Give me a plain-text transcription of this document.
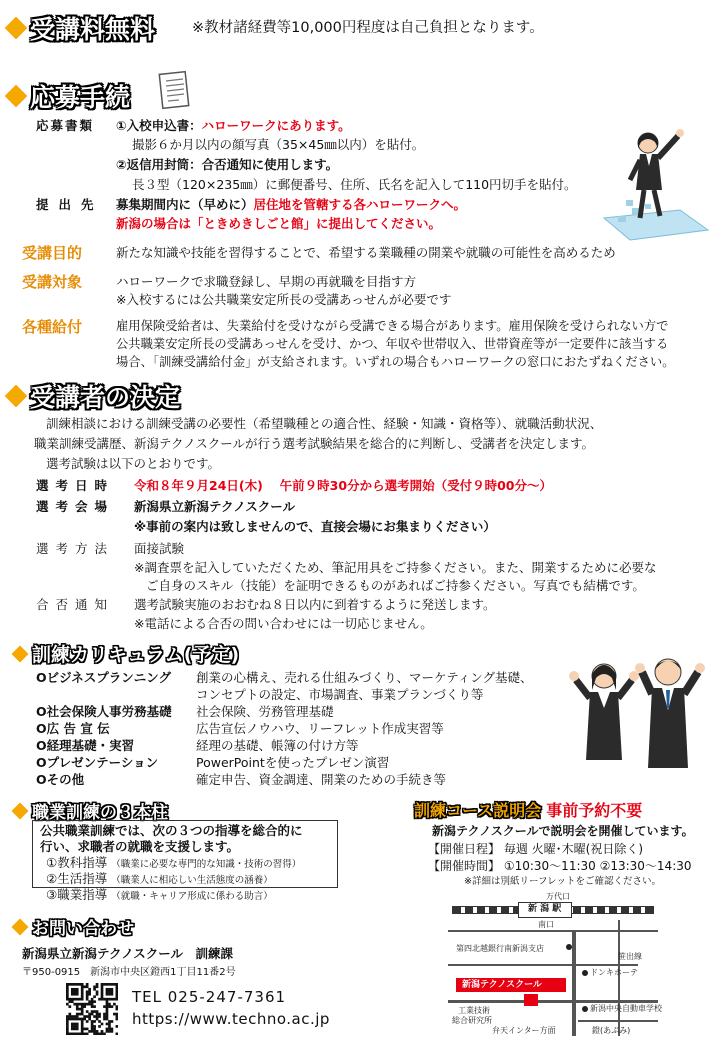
受講料無料	※教材諸経費等10,000円程度は自己負担となります。
応募手続
応募書類 ①入校申込書：ハローワークにあります。
撮影６か月以内の顔写真（35×45㎜以内）を貼付。
②返信用封筒：合否通知に使用します。
長３型（120×235㎜）に郵便番号、住所、氏名を記入して110円切手を貼付。
提出先 募集期間内に（早めに）居住地を管轄する各ハローワークへ。
新潟の場合は「ときめきしごと館」に提出してください。
受講目的	新たな知識や技能を習得することで、希望する業職種の開業や就職の可能性を高めるため
受講対象	ハローワークで求職登録し、早期の再就職を目指す方
※入校するには公共職業安定所長の受講あっせんが必要です
各種給付	雇用保険受給者は、失業給付を受けながら受講できる場合があります。雇用保険を受けられない方で
公共職業安定所長の受講あっせんを受け、かつ、年収や世帯収入、世帯資産等が一定要件に該当する
場合、「訓練受講給付金」が支給されます。いずれの場合もハローワークの窓口におたずねください。
受講者の決定
訓練相談における訓練受講の必要性（希望職種との適合性、経験・知識・資格等）、就職活動状況、
職業訓練受講歴、新潟テクノスクールが行う選考試験結果を総合的に判断し、受講者を決定します。
選考試験は以下のとおりです。
選考日時 令和８年９月24日(木)　 午前９時30分から選考開始（受付９時00分～）
選考会場 新潟県立新潟テクノスクール
※事前の案内は致しませんので、直接会場にお集まりください）
選考方法 面接試験
※調査票を記入していただくため、筆記用具をご持参ください。また、開業するために必要な
ご自身のスキル（技能）を証明できるものがあればご持参ください。写真でも結構です。
合否通知 選考試験実施のおおむね８日以内に到着するように発送します。
※電話による合否の問い合わせには一切応じません。
訓練カリキュラム(予定)
Oビジネスプランニング 創業の心構え、売れる仕組みづくり、マーケティング基礎、
コンセプトの設定、市場調査、事業プランづくり等
O社会保険人事労務基礎 社会保険、労務管理基礎
O広 告 宣 伝	広告宣伝ノウハウ、リーフレット作成実習等
O経理基礎・実習	経理の基礎、帳簿の付け方等
Oプレゼンテーション	PowerPointを使ったプレゼン演習
Oその他	確定申告、資金調達、開業のための手続き等
職業訓練の３本柱
公共職業訓練では、次の３つの指導を総合的に
行い、求職者の就職を支援します。
①教科指導 （職業に必要な専門的な知識・技術の習得）
②生活指導 （職業人に相応しい生活態度の涵養）
③職業指導 （就職・キャリア形成に係わる助言）
訓練コース説明会 事前予約不要
新潟テクノスクールで説明会を開催しています。
【開催日程】 毎週 火曜･木曜(祝日除く)
【開催時間】 ①10:30～11:30 ②13:30～14:30
※詳細は別紙リーフレットをご確認ください。
お問い合わせ
新潟県立新潟テクノスクール　訓練課
〒950-0915　新潟市中央区鐙西1丁目11番2号
TEL 025-247-7361
https://www.techno.ac.jp
新 潟 駅
万代口
南口
第四北越銀行南新潟支店
笹出線
ドンキホーテ
新潟テクノスクール
工業技術
総合研究所
新潟中央自動車学校
弁天インター方面	鐙(あぶみ)
